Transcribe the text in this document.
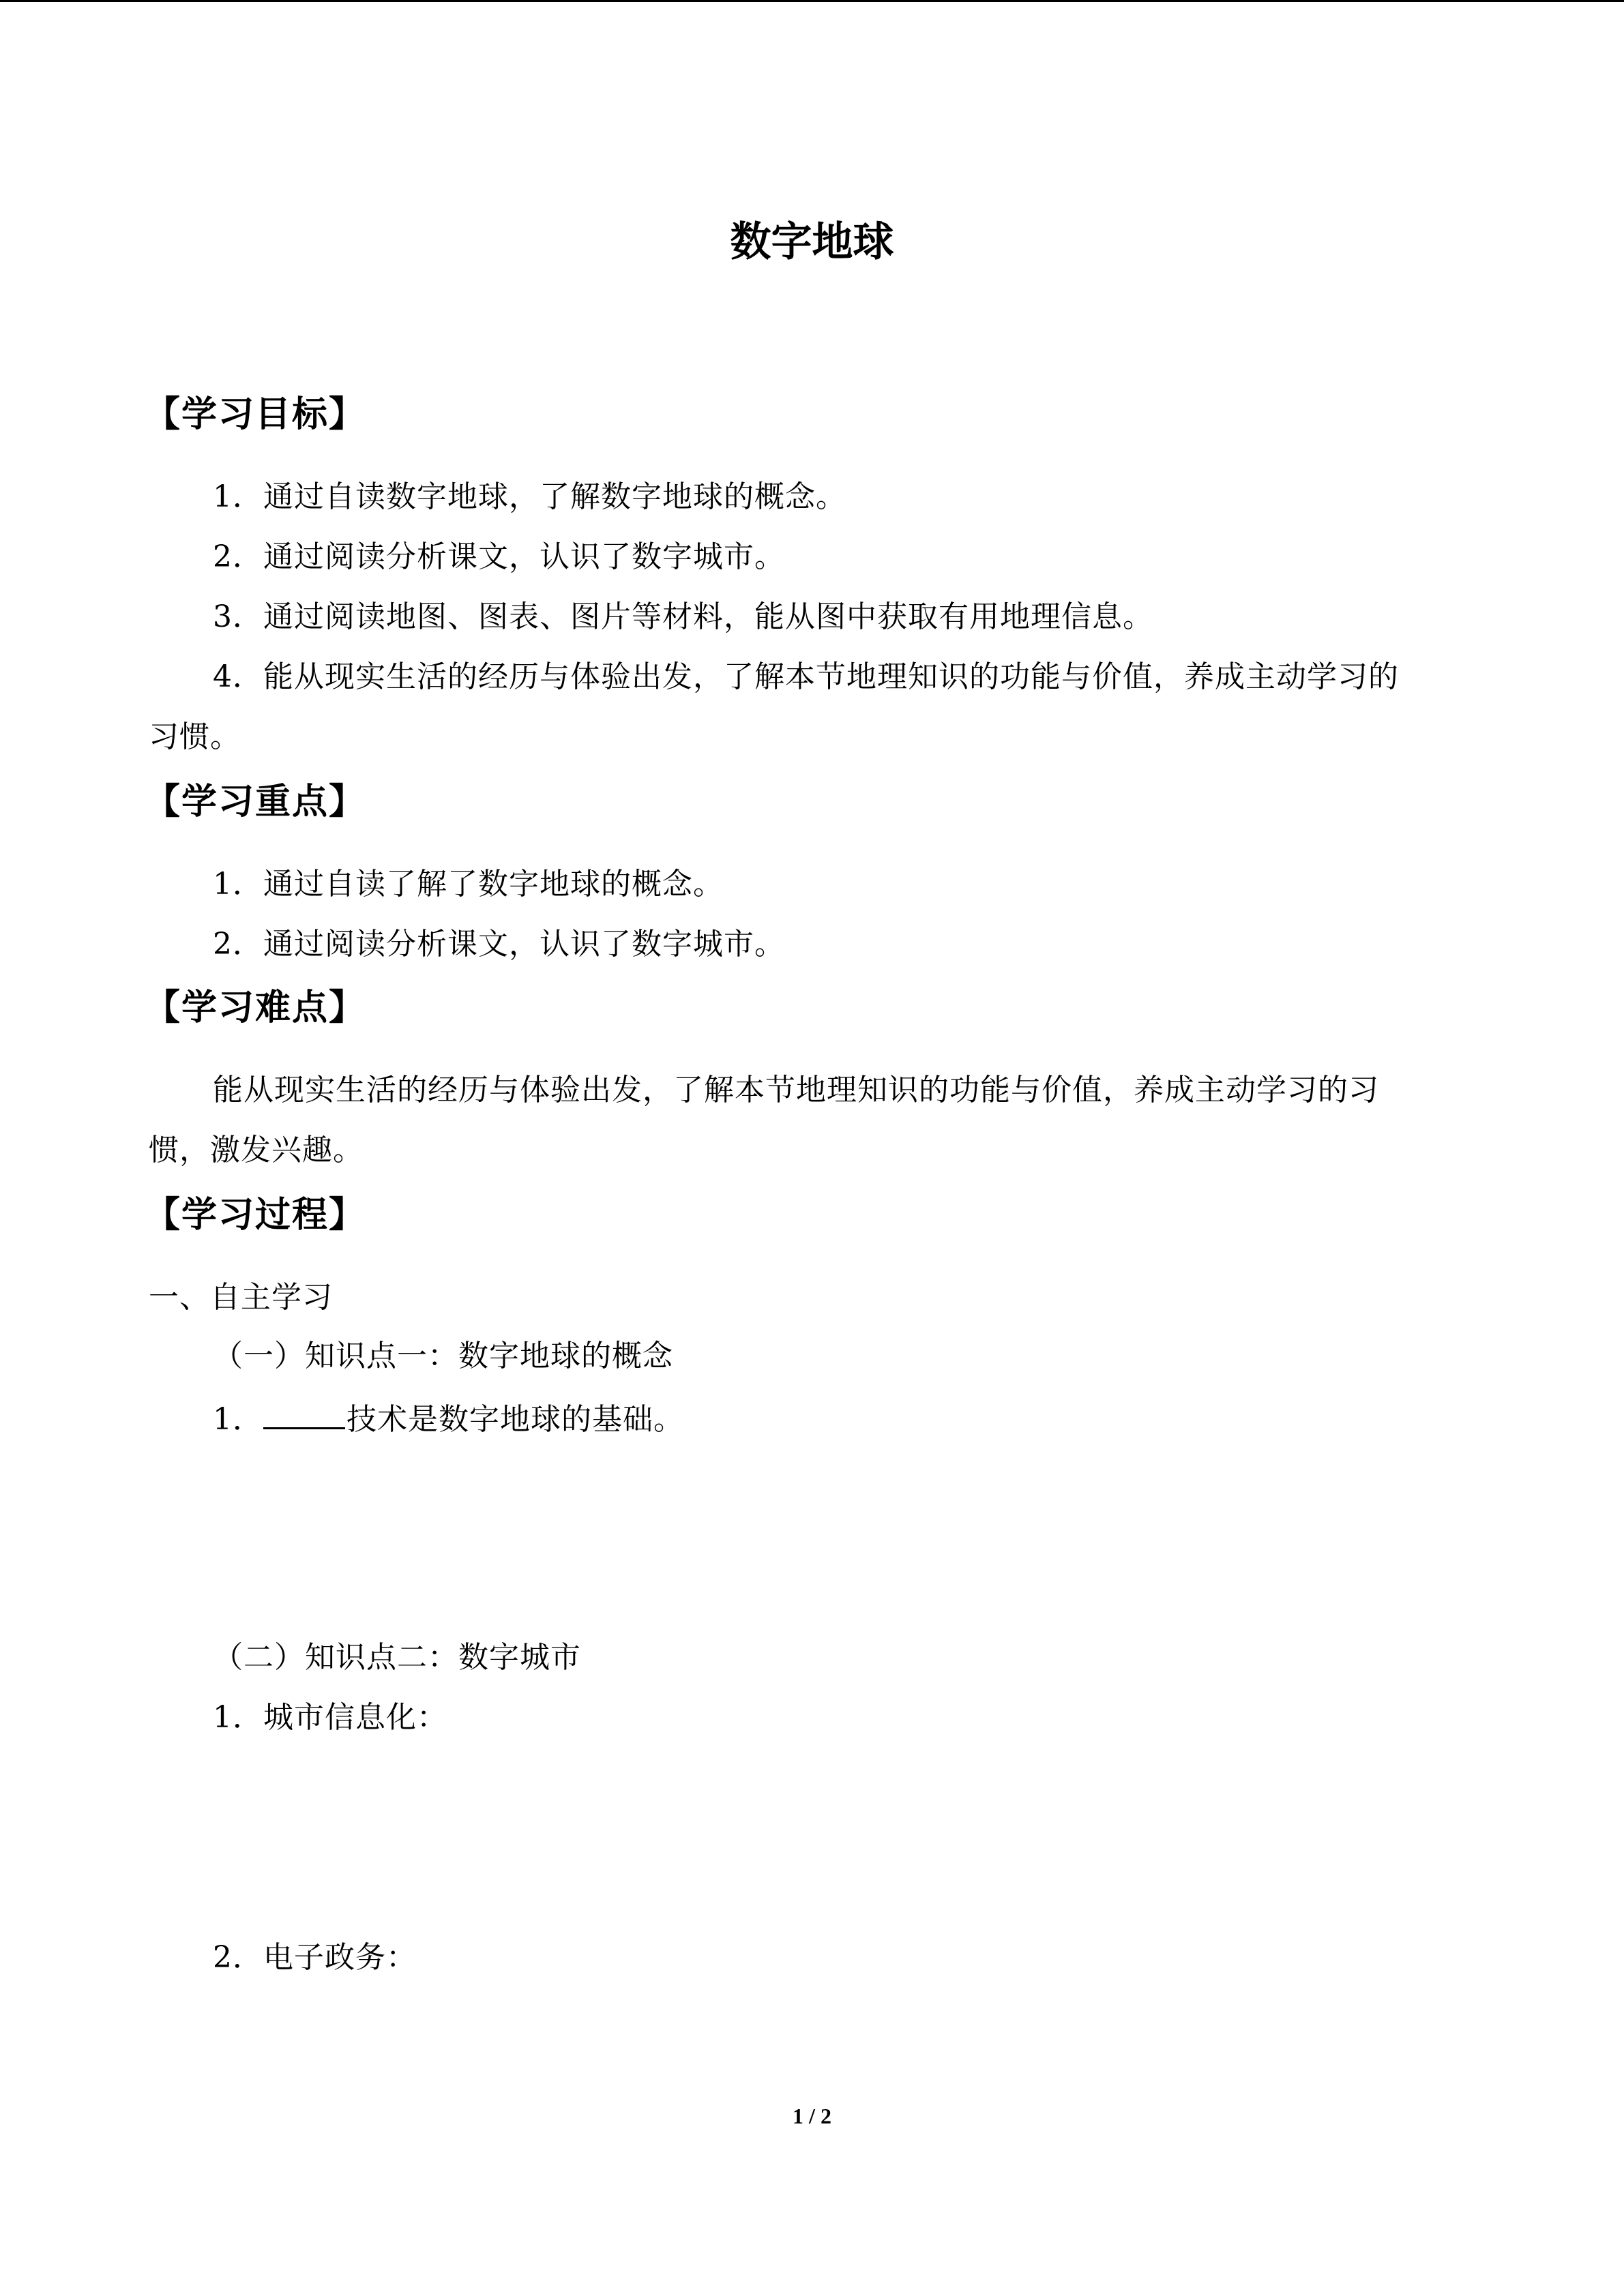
数字地球
【学习目标】
1．通过自读数字地球，了解数字地球的概念。
2．通过阅读分析课文，认识了数字城市。
3．通过阅读地图、图表、图片等材料，能从图中获取有用地理信息。
4．能从现实生活的经历与体验出发，了解本节地理知识的功能与价值，养成主动学习的
习惯。
【学习重点】
1．通过自读了解了数字地球的概念。
2．通过阅读分析课文，认识了数字城市。
【学习难点】
能从现实生活的经历与体验出发，了解本节地理知识的功能与价值，养成主动学习的习
惯，激发兴趣。
【学习过程】
一、自主学习
（一）知识点一：数字地球的概念
1．	技术是数字地球的基础。
（二）知识点二：数字城市
1．城市信息化：
2．电子政务：
1 / 2
